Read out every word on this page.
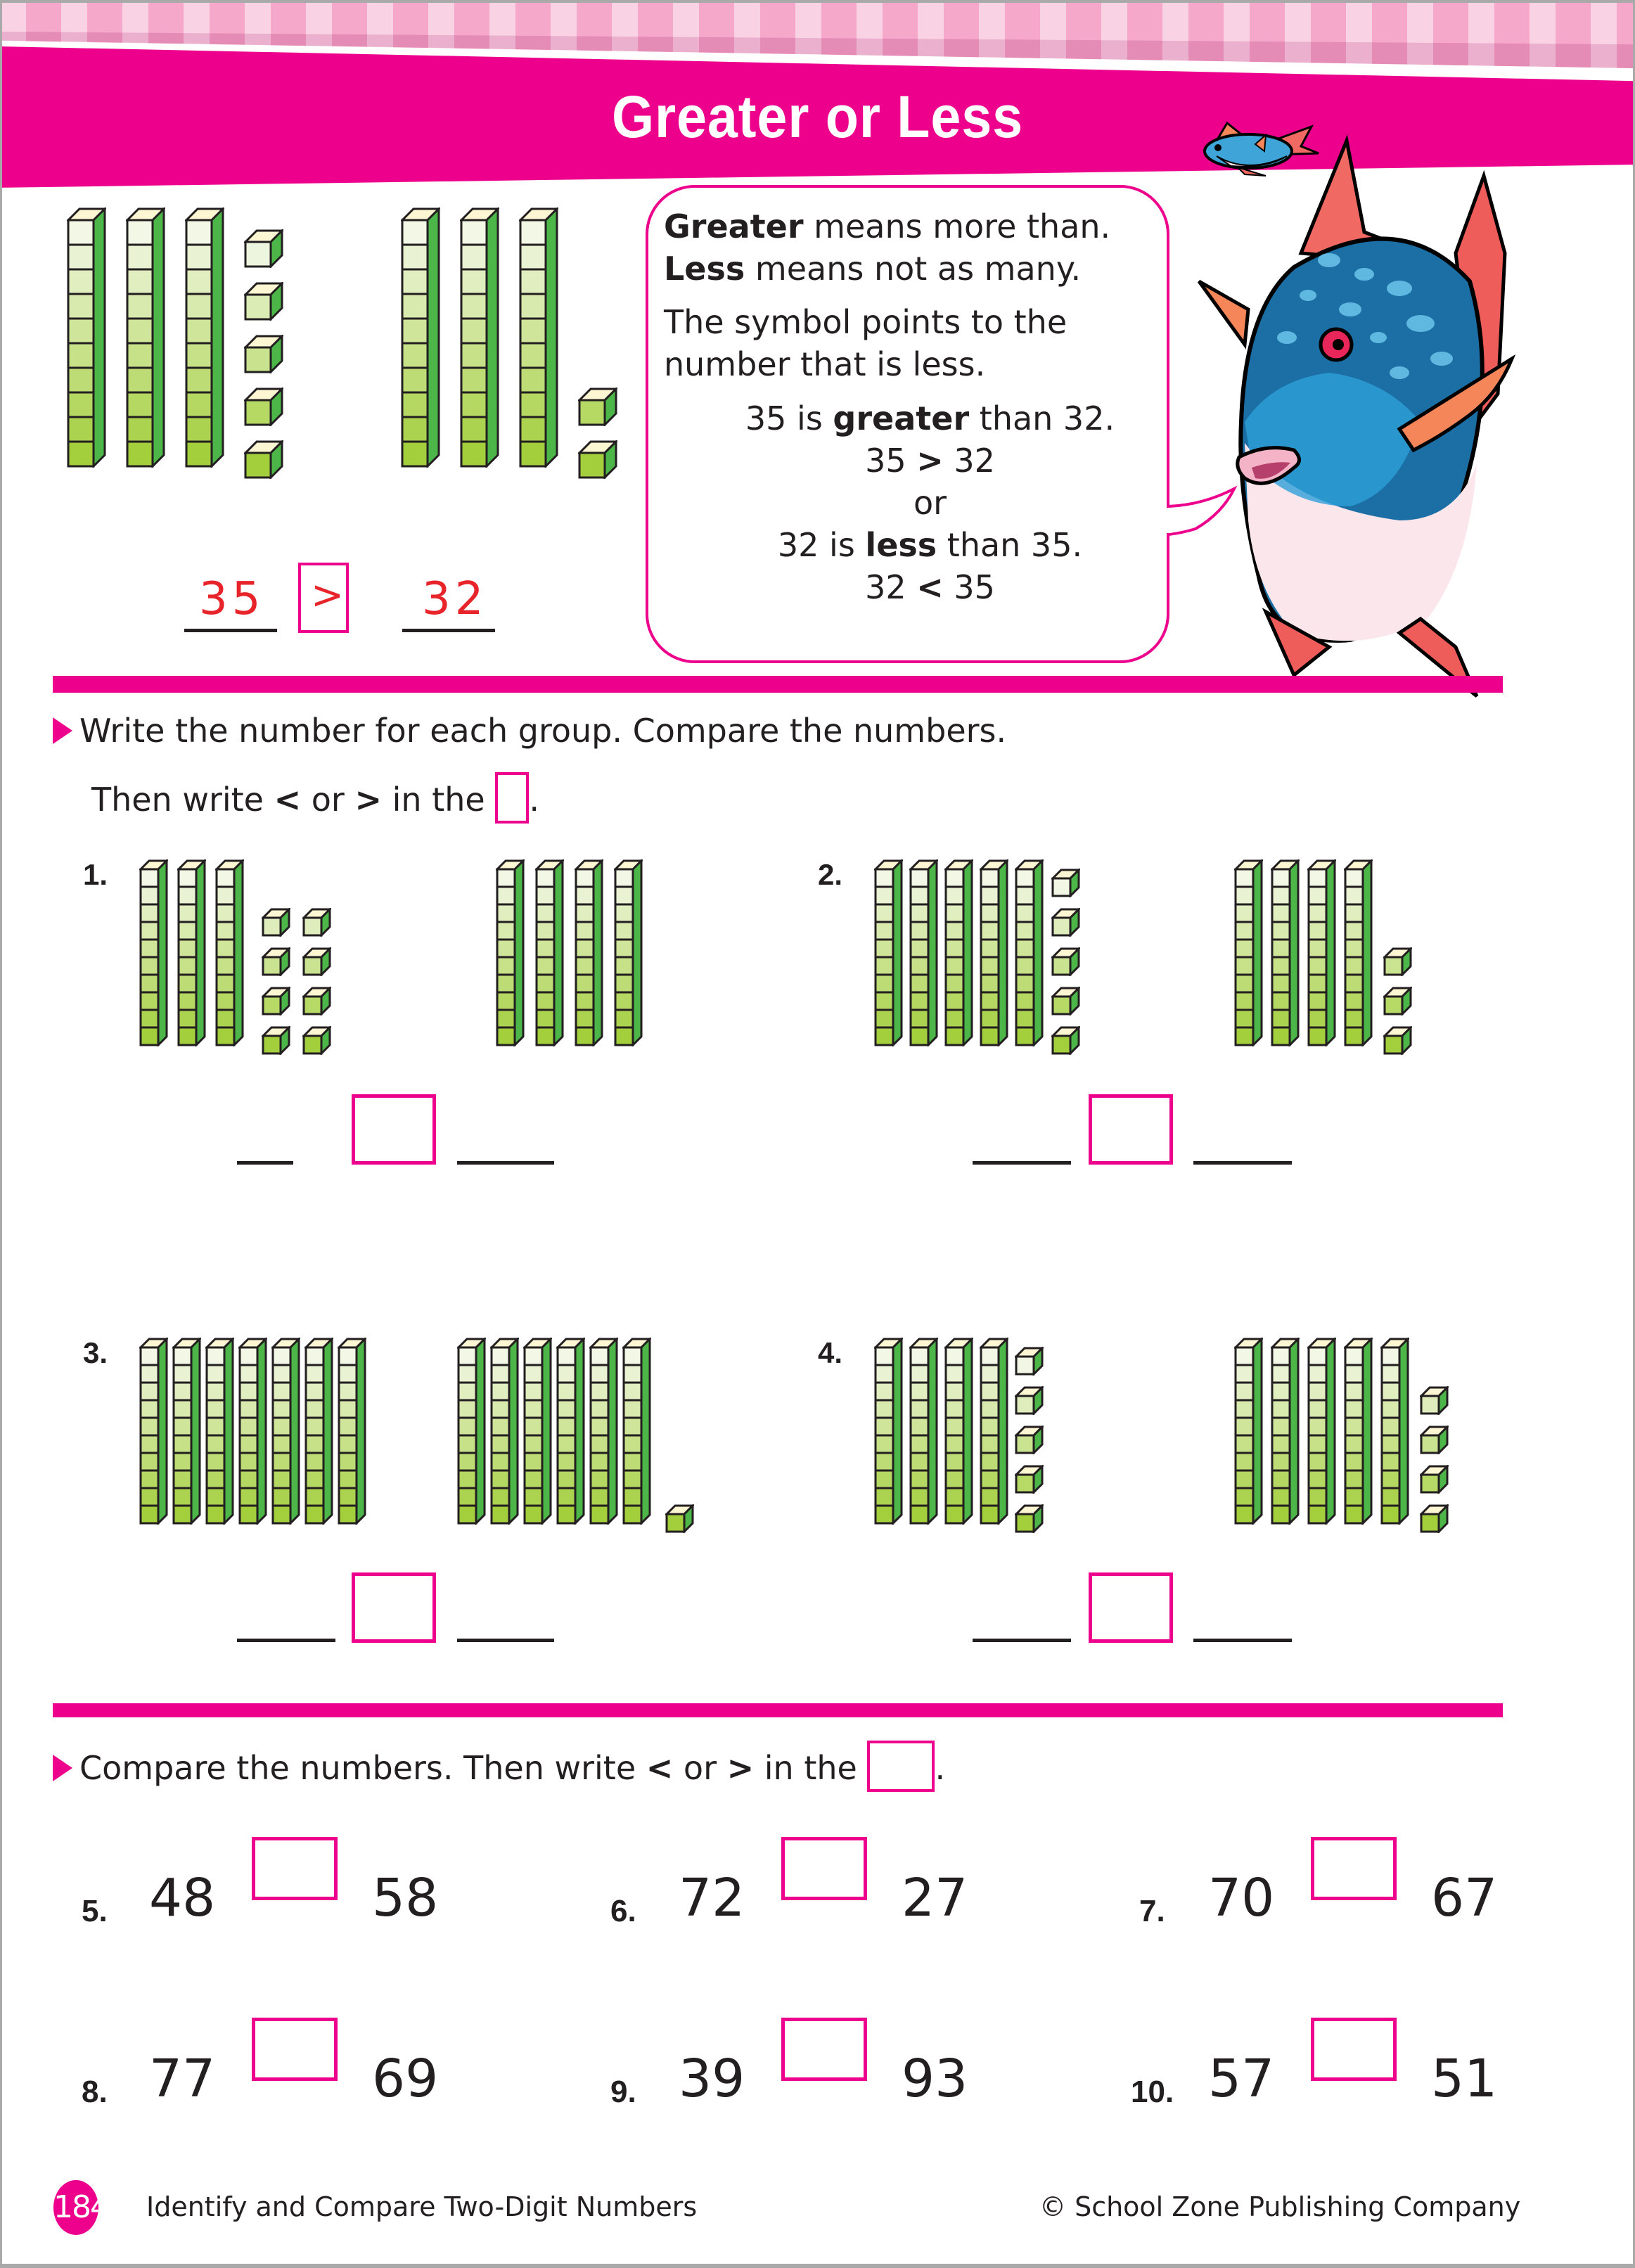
Greater or Less
35 > 32
Greater means more than.
Less means not as many.
The symbol points to the
number that is less.
35 is greater than 32.
35 > 32
or
32 is less than 35.
32 < 35
Write the number for each group. Compare the numbers.
Then write < or > in the .
1.	2.
3.	4.
Compare the numbers. Then write < or > in the .
5. 48	58	6. 72	27	7. 70	67
8. 77	69	9. 39	93	10. 57	51
184 Identify and Compare Two-Digit Numbers	© School Zone Publishing Company
